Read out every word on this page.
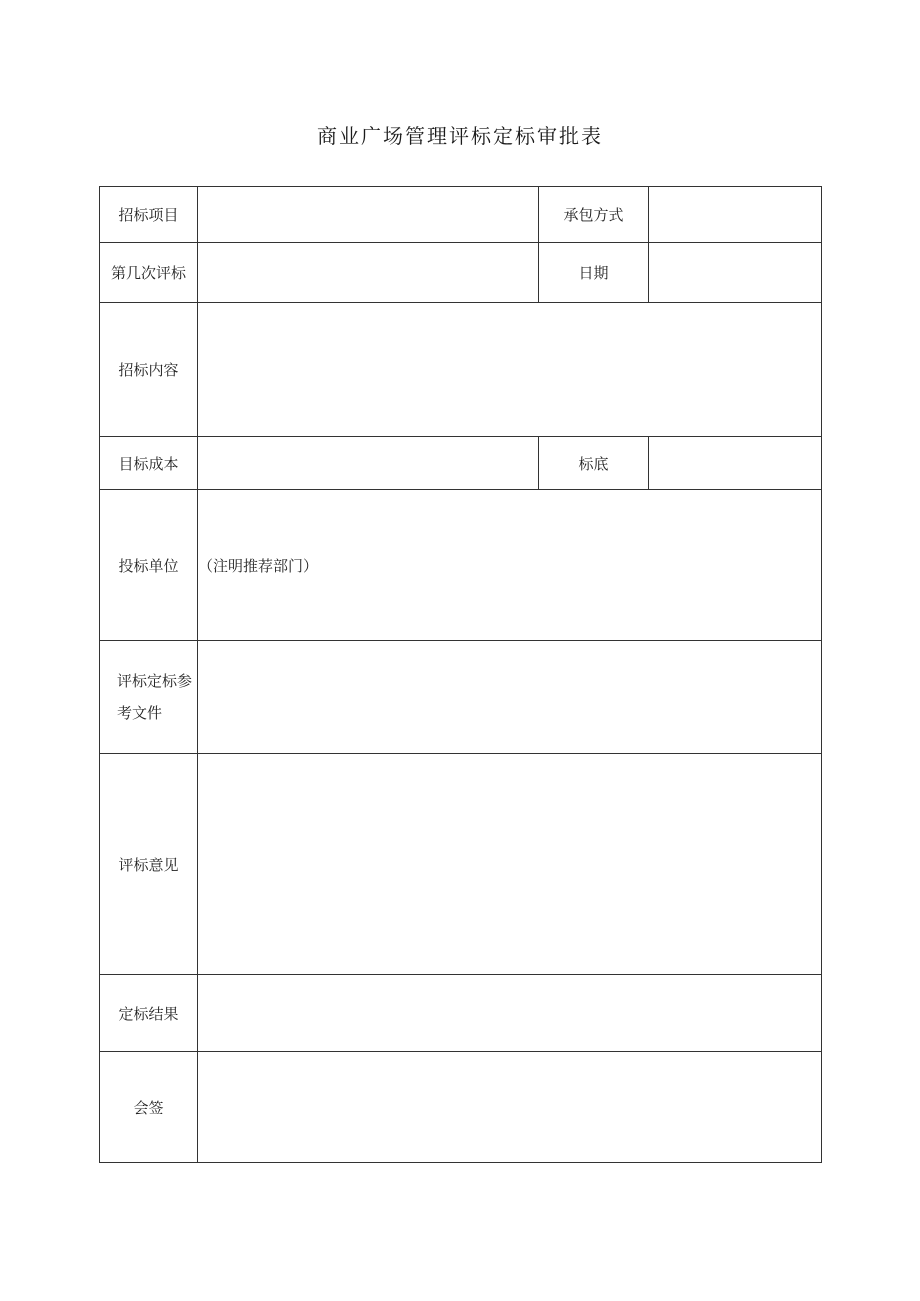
商业广场管理评标定标审批表
招标项目		承包方式	
第几次评标		日期	
招标内容			
目标成本		标底	
投标单位	（注明推荐部门）		
评标定标参考文件			
评标意见			
定标结果			
会签			
